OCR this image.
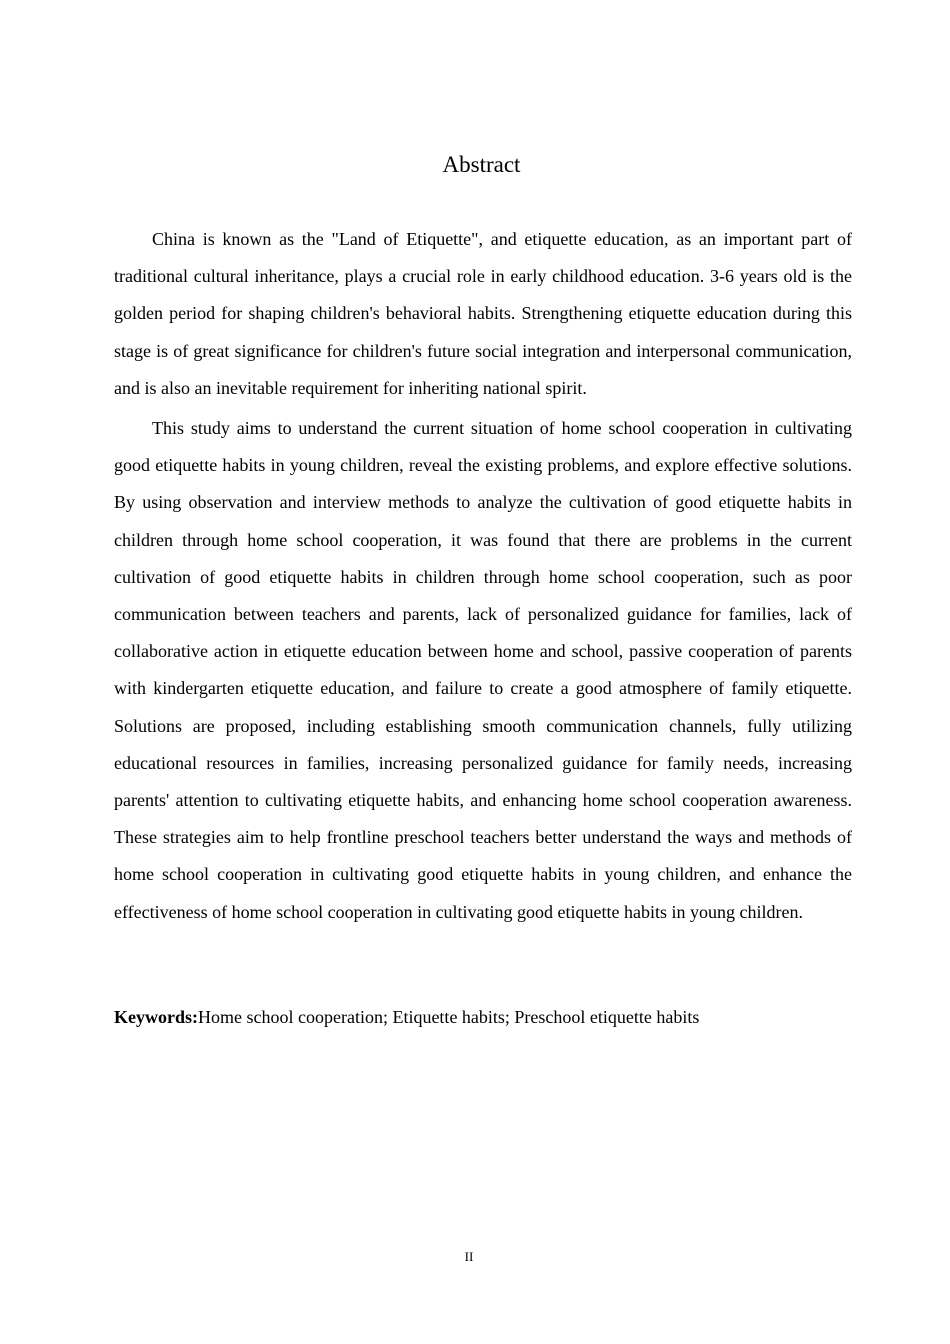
Abstract

China is known as the "Land of Etiquette", and etiquette education, as an important part of traditional cultural inheritance, plays a crucial role in early childhood education. 3-6 years old is the golden period for shaping children's behavioral habits. Strengthening etiquette education during this stage is of great significance for children's future social integration and interpersonal communication, and is also an inevitable requirement for inheriting national spirit.

This study aims to understand the current situation of home school cooperation in cultivating good etiquette habits in young children, reveal the existing problems, and explore effective solutions. By using observation and interview methods to analyze the cultivation of good etiquette habits in children through home school cooperation, it was found that there are problems in the current cultivation of good etiquette habits in children through home school cooperation, such as poor communication between teachers and parents, lack of personalized guidance for families, lack of collaborative action in etiquette education between home and school, passive cooperation of parents with kindergarten etiquette education, and failure to create a good atmosphere of family etiquette. Solutions are proposed, including establishing smooth communication channels, fully utilizing educational resources in families, increasing personalized guidance for family needs, increasing parents' attention to cultivating etiquette habits, and enhancing home school cooperation awareness. These strategies aim to help frontline preschool teachers better understand the ways and methods of home school cooperation in cultivating good etiquette habits in young children, and enhance the effectiveness of home school cooperation in cultivating good etiquette habits in young children.

Keywords:Home school cooperation; Etiquette habits; Preschool etiquette habits

II
